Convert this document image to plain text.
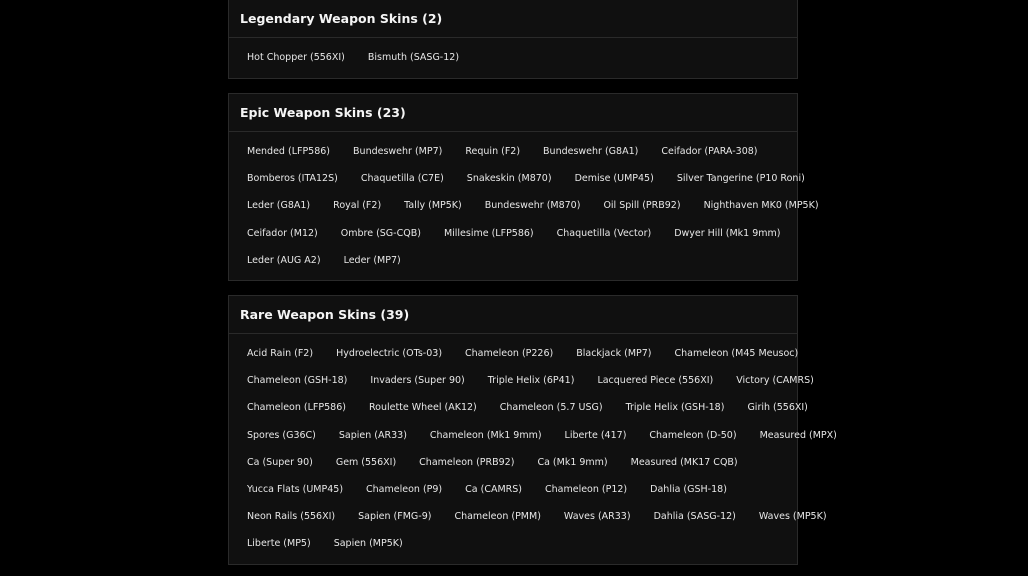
Legendary Weapon Skins (2)
Hot Chopper (556XI)	Bismuth (SASG-12)
Epic Weapon Skins (23)
Mended (LFP586)	Bundeswehr (MP7)	Requin (F2)	Bundeswehr (G8A1)	Ceifador (PARA-308)
Bomberos (ITA12S)	Chaquetilla (C7E)	Snakeskin (M870)	Demise (UMP45)	Silver Tangerine (P10 Roni)
Leder (G8A1)	Royal (F2)	Tally (MP5K)	Bundeswehr (M870)	Oil Spill (PRB92)	Nighthaven MK0 (MP5K)
Ceifador (M12)	Ombre (SG-CQB)	Millesime (LFP586)	Chaquetilla (Vector)	Dwyer Hill (Mk1 9mm)
Leder (AUG A2)	Leder (MP7)
Rare Weapon Skins (39)
Acid Rain (F2)	Hydroelectric (OTs-03)	Chameleon (P226)	Blackjack (MP7)	Chameleon (M45 Meusoc)
Chameleon (GSH-18)	Invaders (Super 90)	Triple Helix (6P41)	Lacquered Piece (556XI)	Victory (CAMRS)
Chameleon (LFP586)	Roulette Wheel (AK12)	Chameleon (5.7 USG)	Triple Helix (GSH-18)	Girih (556XI)
Spores (G36C)	Sapien (AR33)	Chameleon (Mk1 9mm)	Liberte (417)	Chameleon (D-50)	Measured (MPX)
Ca (Super 90)	Gem (556XI)	Chameleon (PRB92)	Ca (Mk1 9mm)	Measured (MK17 CQB)
Yucca Flats (UMP45)	Chameleon (P9)	Ca (CAMRS)	Chameleon (P12)	Dahlia (GSH-18)
Neon Rails (556XI)	Sapien (FMG-9)	Chameleon (PMM)	Waves (AR33)	Dahlia (SASG-12)	Waves (MP5K)
Liberte (MP5)	Sapien (MP5K)
